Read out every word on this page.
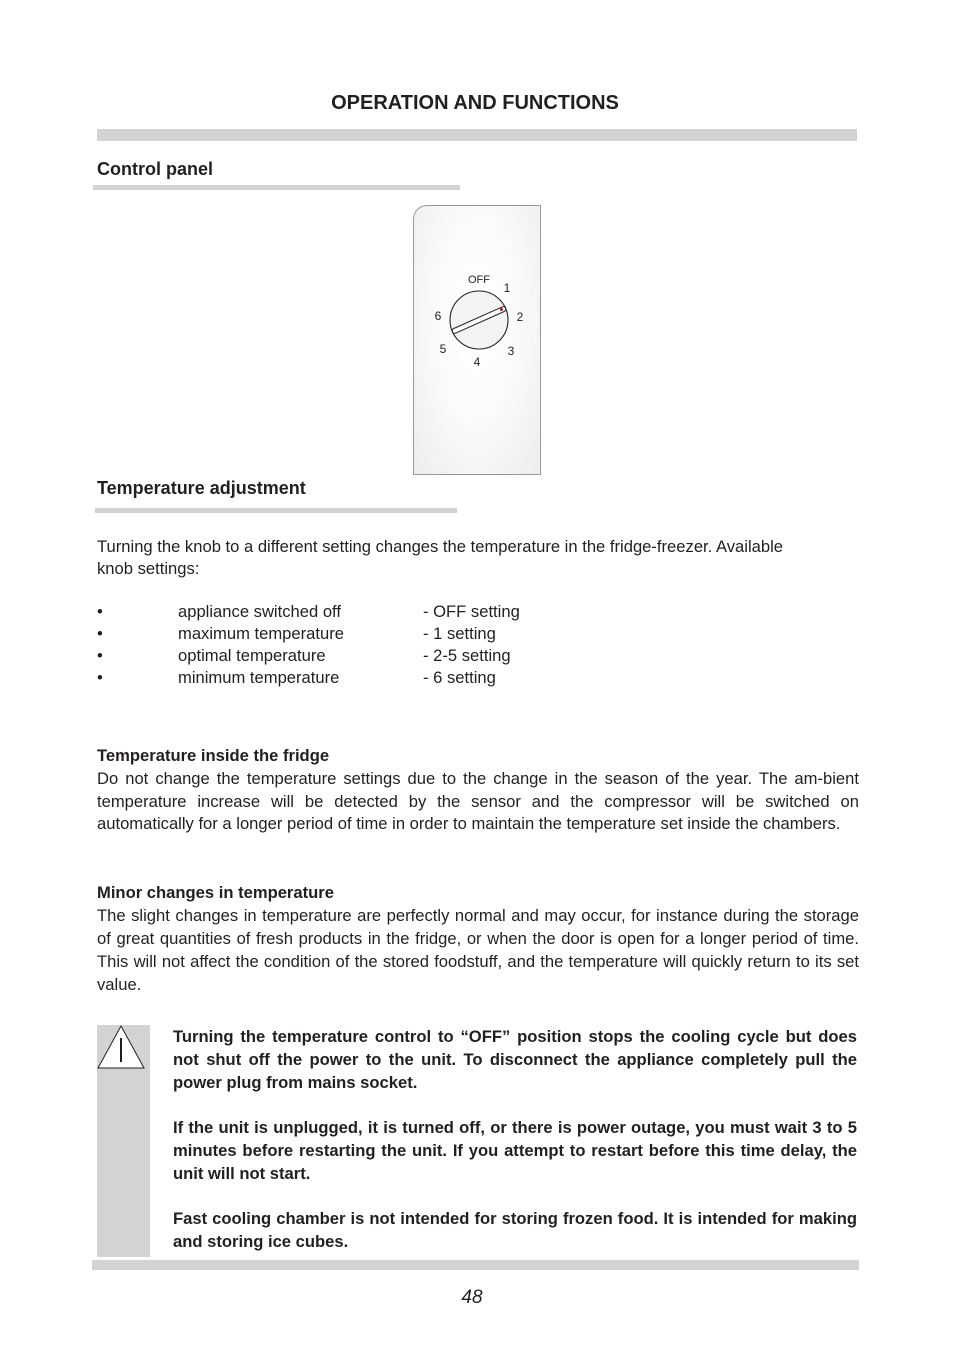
OPERATION AND FUNCTIONS
Control panel
OFF
1
2
3
4
5
6
Temperature adjustment

Turning the knob to a different setting changes the temperature in the fridge-freezer. Available

knob settings:

•	appliance switched off	- OFF setting
•	maximum temperature	- 1 setting
•	optimal temperature	- 2-5 setting
•	minimum temperature	- 6 setting
Temperature inside the fridge

Do not change the temperature settings due to the change in the season of the year. The am-bient temperature increase will be detected by the sensor and the compressor will be switched on automatically for a longer period of time in order to maintain the temperature set inside the chambers.

Minor changes in temperature

The slight changes in temperature are perfectly normal and may occur, for instance during the storage of great quantities of fresh products in the fridge, or when the door is open for a longer period of time. This will not affect the condition of the stored foodstuff, and the temperature will quickly return to its set value.

Turning the temperature control to “OFF” position stops the cooling cycle but does not shut off the power to the unit. To disconnect the appliance completely pull the power plug from mains socket.

If the unit is unplugged, it is turned off, or there is power outage, you must wait 3 to 5 minutes before restarting the unit. If you attempt to restart before this time delay, the unit will not start.

Fast cooling chamber is not intended for storing frozen food. It is intended for making and storing ice cubes.

48
